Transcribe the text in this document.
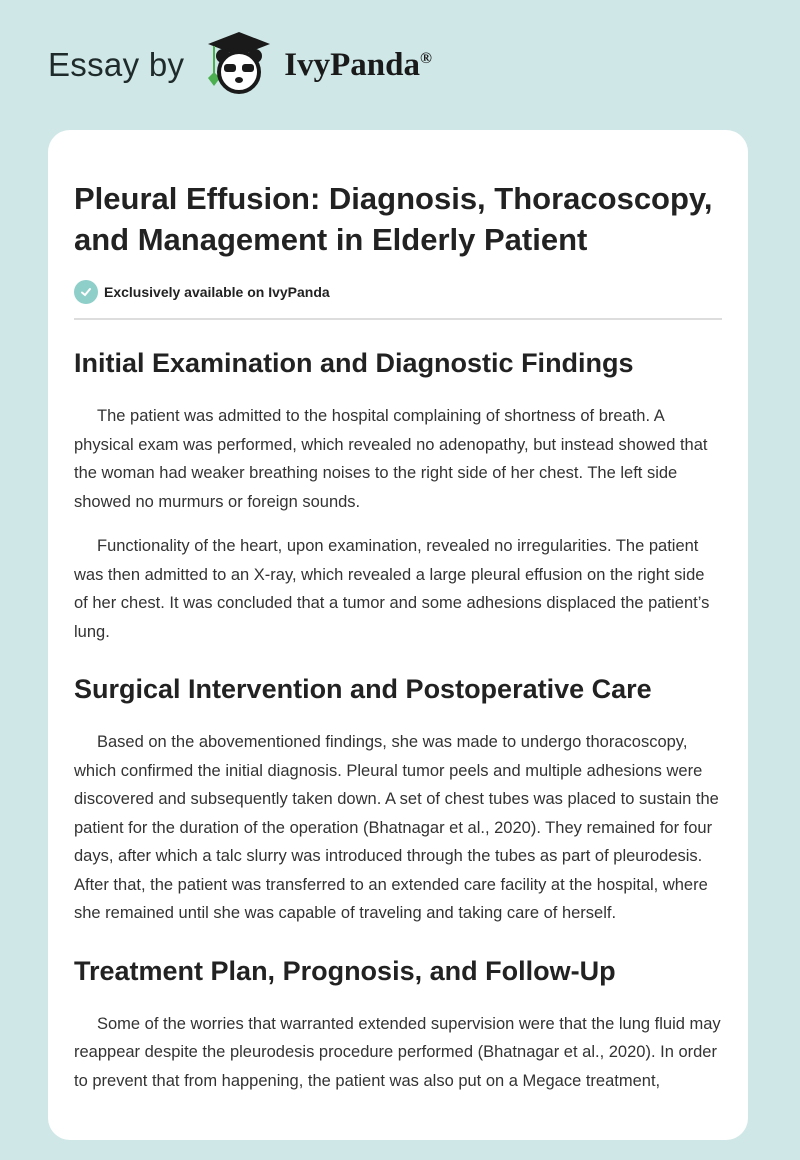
Essay by	IvyPanda®
Pleural Effusion: Diagnosis, Thoracoscopy, and Management in Elderly Patient
Exclusively available on IvyPanda
Initial Examination and Diagnostic Findings

The patient was admitted to the hospital complaining of shortness of breath. A physical exam was performed, which revealed no adenopathy, but instead showed that the woman had weaker breathing noises to the right side of her chest. The left side showed no murmurs or foreign sounds.

Functionality of the heart, upon examination, revealed no irregularities. The patient was then admitted to an X-ray, which revealed a large pleural effusion on the right side of her chest. It was concluded that a tumor and some adhesions displaced the patient’s lung.

Surgical Intervention and Postoperative Care

Based on the abovementioned findings, she was made to undergo thoracoscopy, which confirmed the initial diagnosis. Pleural tumor peels and multiple adhesions were discovered and subsequently taken down. A set of chest tubes was placed to sustain the patient for the duration of the operation (Bhatnagar et al., 2020). They remained for four days, after which a talc slurry was introduced through the tubes as part of pleurodesis. After that, the patient was transferred to an extended care facility at the hospital, where she remained until she was capable of traveling and taking care of herself.

Treatment Plan, Prognosis, and Follow-Up

Some of the worries that warranted extended supervision were that the lung fluid may reappear despite the pleurodesis procedure performed (Bhatnagar et al., 2020). In order to prevent that from happening, the patient was also put on a Megace treatment,
